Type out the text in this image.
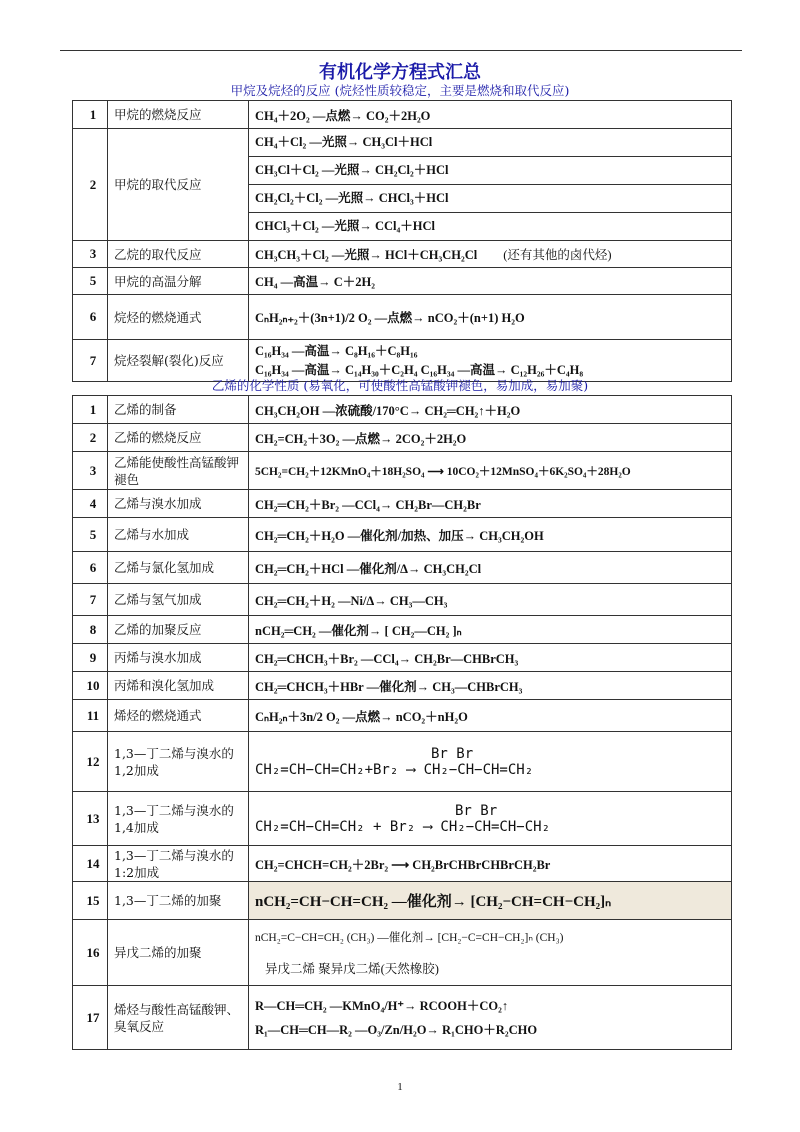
有机化学方程式汇总
甲烷及烷烃的反应 (烷烃性质较稳定，主要是燃烧和取代反应)
1	甲烷的燃烧反应	CH₄＋2O₂ —点燃→ CO₂＋2H₂O

2	甲烷的取代反应	CH₄＋Cl₂ —光照→ CH₃Cl＋HCl
CH₃Cl＋Cl₂ —光照→ CH₂Cl₂＋HCl
CH₂Cl₂＋Cl₂ —光照→ CHCl₃＋HCl
CHCl₃＋Cl₂ —光照→ CCl₄＋HCl

3	乙烷的取代反应	CH₃CH₃＋Cl₂ —光照→ HCl＋CH₃CH₂Cl (还有其他的卤代烃)
5	甲烷的高温分解	CH₄ —高温→ C＋2H₂

6	烷烃的燃烧通式	CₙH₂ₙ₊₂＋(3n+1)/2 O₂ —点燃→ nCO₂＋(n+1) H₂O

7	烷烃裂解(裂化)反应	C₁₆H₃₄ —高温→ C₈H₁₆＋C₈H₁₆
C₁₆H₃₄ —高温→ C₁₄H₃₀＋C₂H₄ C₁₆H₃₄ —高温→ C₁₂H₂₆＋C₄H₈
乙烯的化学性质 (易氧化，可使酸性高锰酸钾褪色，易加成，易加聚)
1	乙烯的制备	CH₃CH₂OH —浓硫酸/170°C→ CH₂═CH₂↑＋H₂O
2	乙烯的燃烧反应	CH₂=CH₂＋3O₂ —点燃→ 2CO₂＋2H₂O
3	乙烯能使酸性高锰酸钾褪色	5CH₂=CH₂＋12KMnO₄＋18H₂SO₄ ⟶ 10CO₂＋12MnSO₄＋6K₂SO₄＋28H₂O
4	乙烯与溴水加成	CH₂═CH₂＋Br₂ —CCl₄→ CH₂Br—CH₂Br
5	乙烯与水加成	CH₂═CH₂＋H₂O —催化剂/加热、加压→ CH₃CH₂OH
6	乙烯与氯化氢加成	CH₂═CH₂＋HCl —催化剂/Δ→ CH₃CH₂Cl
7	乙烯与氢气加成	CH₂═CH₂＋H₂ —Ni/Δ→ CH₃—CH₃
8	乙烯的加聚反应	nCH₂═CH₂ —催化剂→ [ CH₂—CH₂ ]ₙ
9	丙烯与溴水加成	CH₂═CHCH₃＋Br₂ —CCl₄→ CH₂Br—CHBrCH₃
10	丙烯和溴化氢加成	CH₂═CHCH₃＋HBr —催化剂→ CH₃—CHBrCH₃
11	烯烃的燃烧通式	CₙH₂ₙ＋3n/2 O₂ —点燃→ nCO₂＋nH₂O
12	1,3—丁二烯与溴水的1,2加成	Br Br
CH₂=CH−CH=CH₂+Br₂ ⟶ CH₂−CH−CH=CH₂

13	1,3—丁二烯与溴水的1,4加成	Br Br
CH₂=CH−CH=CH₂ + Br₂ ⟶ CH₂−CH=CH−CH₂

14	1,3—丁二烯与溴水的1:2加成	CH₂=CHCH=CH₂＋2Br₂ ⟶ CH₂BrCHBrCHBrCH₂Br
15	1,3—丁二烯的加聚	nCH₂=CH−CH=CH₂ —催化剂→ [CH₂−CH=CH−CH₂]ₙ
16	异戊二烯的加聚	nCH₂=C−CH=CH₂ (CH₃) —催化剂→ [CH₂−C=CH−CH₂]ₙ (CH₃)
异戊二烯 聚异戊二烯(天然橡胶)

17	烯烃与酸性高锰酸钾、臭氧反应	R—CH═CH₂ —KMnO₄/H⁺→ RCOOH＋CO₂↑
R₁—CH═CH—R₂ —O₃/Zn/H₂O→ R₁CHO＋R₂CHO
1
